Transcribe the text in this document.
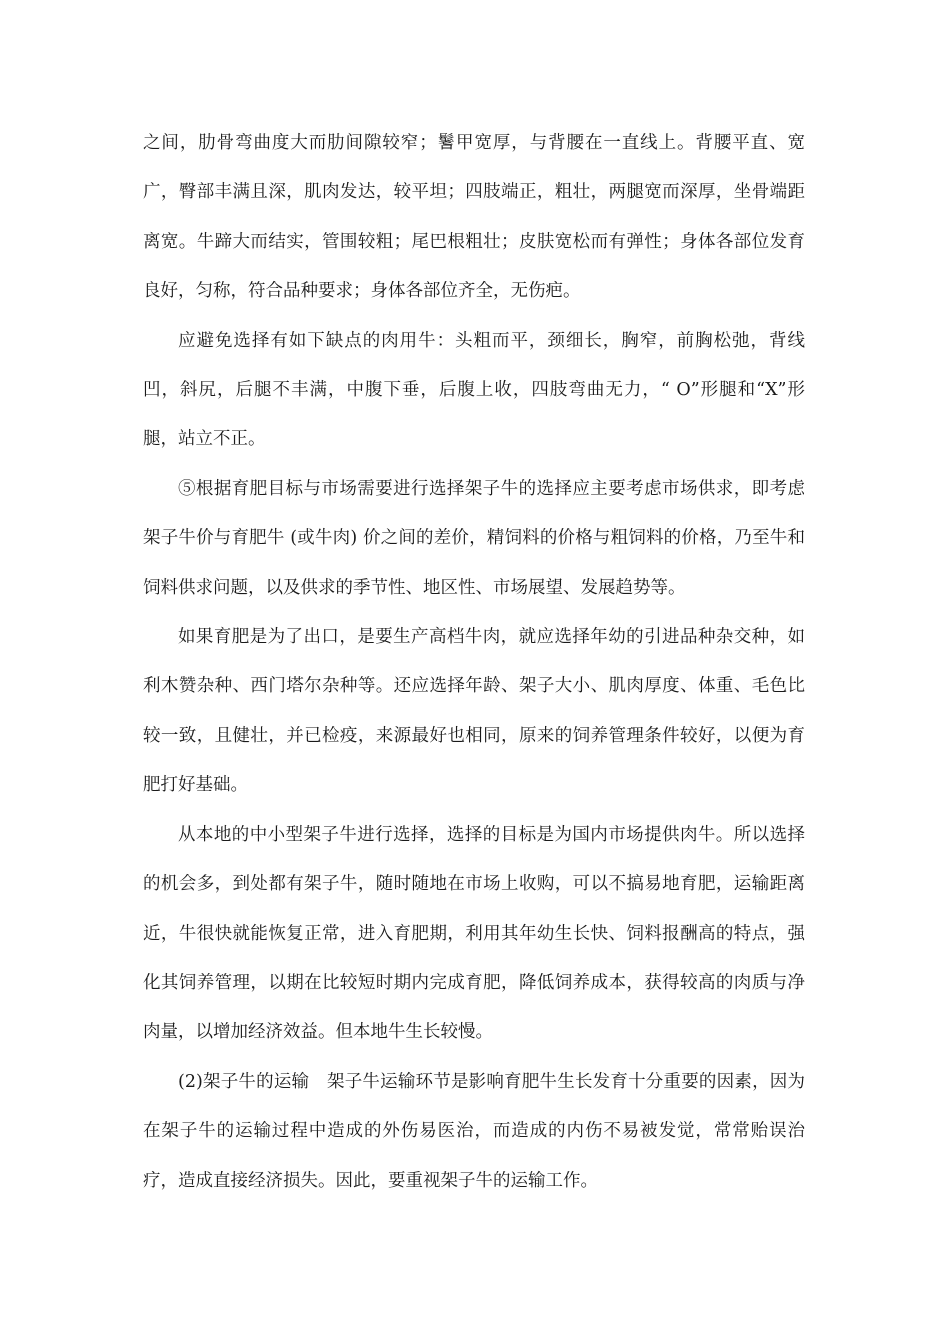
之间，肋骨弯曲度大而肋间隙较窄；鬐甲宽厚，与背腰在一直线上。背腰平直、宽广，臀部丰满且深，肌肉发达，较平坦；四肢端正，粗壮，两腿宽而深厚，坐骨端距离宽。牛蹄大而结实，管围较粗；尾巴根粗壮；皮肤宽松而有弹性；身体各部位发育良好，匀称，符合品种要求；身体各部位齐全，无伤疤。

应避免选择有如下缺点的肉用牛：头粗而平，颈细长，胸窄，前胸松弛，背线凹，斜尻，后腿不丰满，中腹下垂，后腹上收，四肢弯曲无力，“ O”形腿和“X”形腿，站立不正。

⑤根据育肥目标与市场需要进行选择架子牛的选择应主要考虑市场供求，即考虑架子牛价与育肥牛 (或牛肉) 价之间的差价，精饲料的价格与粗饲料的价格，乃至牛和饲料供求问题，以及供求的季节性、地区性、市场展望、发展趋势等。

如果育肥是为了出口，是要生产高档牛肉，就应选择年幼的引进品种杂交种，如利木赞杂种、西门塔尔杂种等。还应选择年龄、架子大小、肌肉厚度、体重、毛色比较一致，且健壮，并已检疫，来源最好也相同，原来的饲养管理条件较好，以便为育肥打好基础。

从本地的中小型架子牛进行选择，选择的目标是为国内市场提供肉牛。所以选择的机会多，到处都有架子牛，随时随地在市场上收购，可以不搞易地育肥，运输距离近，牛很快就能恢复正常，进入育肥期，利用其年幼生长快、饲料报酬高的特点，强化其饲养管理，以期在比较短时期内完成育肥，降低饲养成本，获得较高的肉质与净肉量，以增加经济效益。但本地牛生长较慢。

(2)架子牛的运输　架子牛运输环节是影响育肥牛生长发育十分重要的因素，因为在架子牛的运输过程中造成的外伤易医治，而造成的内伤不易被发觉，常常贻误治疗，造成直接经济损失。因此，要重视架子牛的运输工作。
